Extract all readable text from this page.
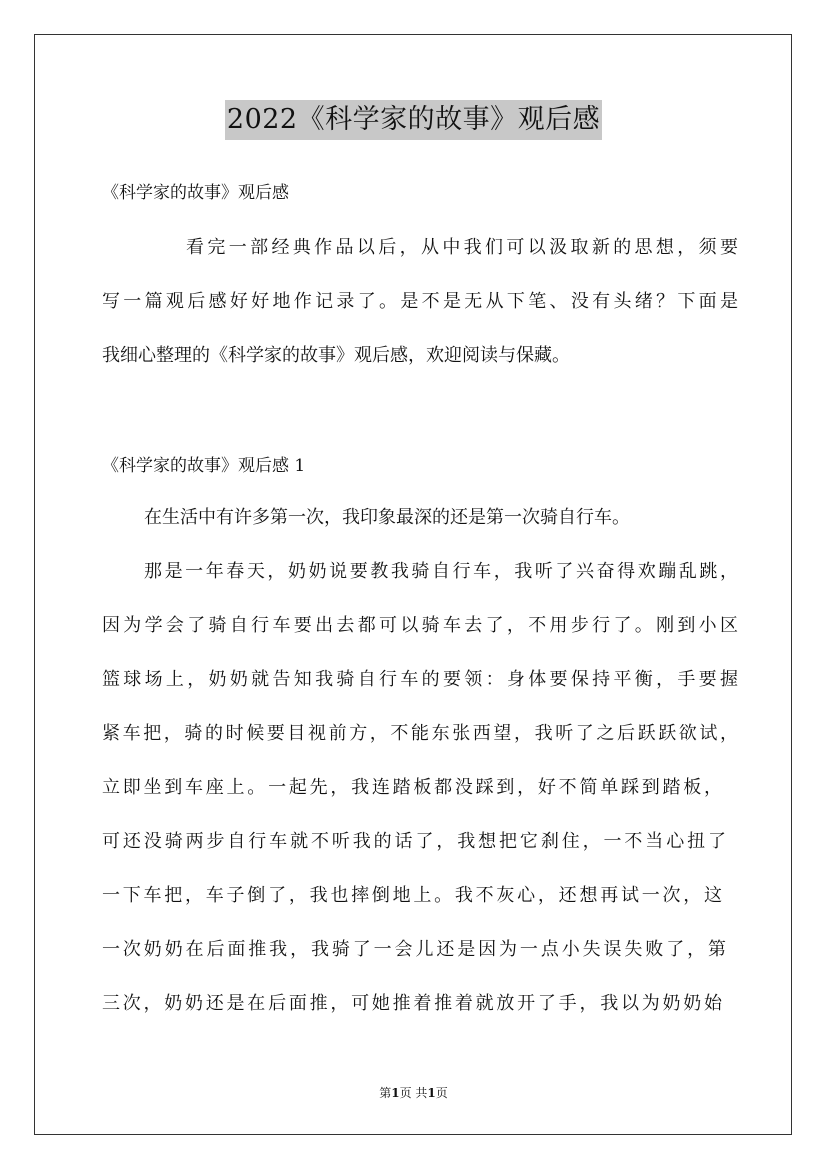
2022《科学家的故事》观后感
《科学家的故事》观后感
看完一部经典作品以后，从中我们可以汲取新的思想，须要
写一篇观后感好好地作记录了。是不是无从下笔、没有头绪？下面是
我细心整理的《科学家的故事》观后感，欢迎阅读与保藏。
《科学家的故事》观后感 1
在生活中有许多第一次，我印象最深的还是第一次骑自行车。
那是一年春天，奶奶说要教我骑自行车，我听了兴奋得欢蹦乱跳，
因为学会了骑自行车要出去都可以骑车去了，不用步行了。刚到小区
篮球场上，奶奶就告知我骑自行车的要领：身体要保持平衡，手要握
紧车把，骑的时候要目视前方，不能东张西望，我听了之后跃跃欲试，
立即坐到车座上。一起先，我连踏板都没踩到，好不简单踩到踏板，
可还没骑两步自行车就不听我的话了，我想把它刹住，一不当心扭了
一下车把，车子倒了，我也摔倒地上。我不灰心，还想再试一次，这
一次奶奶在后面推我，我骑了一会儿还是因为一点小失误失败了，第
三次，奶奶还是在后面推，可她推着推着就放开了手，我以为奶奶始
第1页 共1页
